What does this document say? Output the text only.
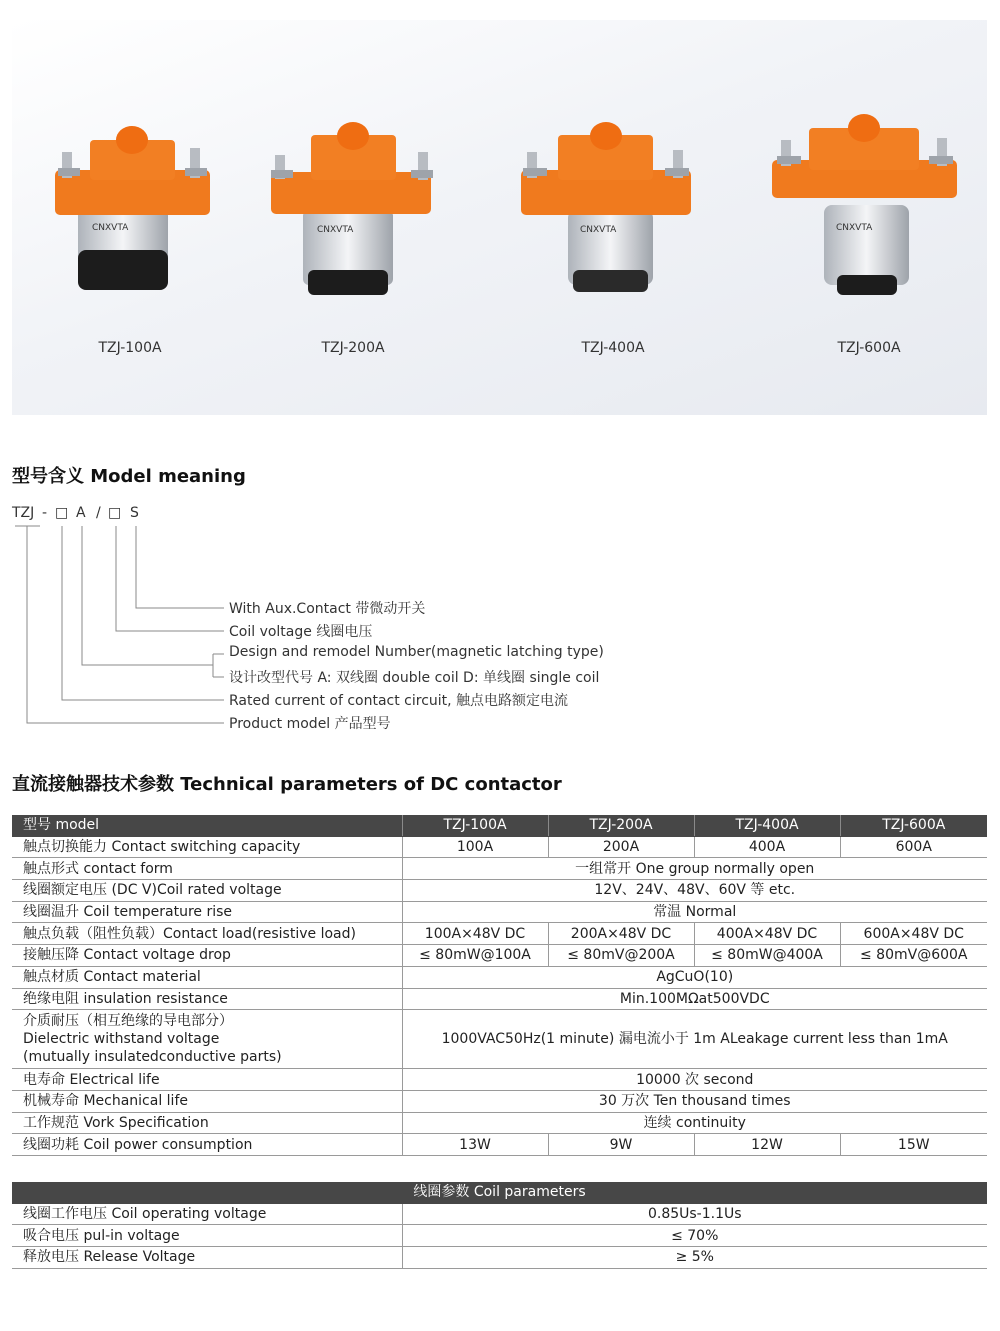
CNXVTA
TZJ-100A
CNXVTA
TZJ-200A
CNXVTA
TZJ-400A
CNXVTA
TZJ-600A
型号含义 Model meaning
TZJ - □ A / □ S
With Aux.Contact 带微动开关
Coil voltage 线圈电压
Design and remodel Number(magnetic latching type)
设计改型代号 A: 双线圈 double coil D: 单线圈 single coil
Rated current of contact circuit, 触点电路额定电流
Product model 产品型号
直流接触器技术参数 Technical parameters of DC contactor
型号 model	TZJ-100A	TZJ-200A	TZJ-400A	TZJ-600A
触点切换能力 Contact switching capacity	100A	200A	400A	600A
触点形式 contact form	一组常开 One group normally open			
线圈额定电压 (DC V)Coil rated voltage	12V、24V、48V、60V 等 etc.			
线圈温升 Coil temperature rise	常温 Normal			
触点负载（阻性负载）Contact load(resistive load)	100A×48V DC	200A×48V DC	400A×48V DC	600A×48V DC
接触压降 Contact voltage drop	≤ 80mW@100A	≤ 80mV@200A	≤ 80mW@400A	≤ 80mV@600A
触点材质 Contact material	AgCuO(10)			
绝缘电阻 insulation resistance	Min.100MΩat500VDC			

介质耐压（相互绝缘的导电部分）
Dielectric withstand voltage
(mutually insulatedconductive parts)	1000VAC50Hz(1 minute) 漏电流小于 1m ALeakage current less than 1mA			
电寿命 Electrical life	10000 次 second			
机械寿命 Mechanical life	30 万次 Ten thousand times			
工作规范 Vork Specification	连续 continuity			
线圈功耗 Coil power consumption	13W	9W	12W	15W
线圈参数 Coil parameters	
线圈工作电压 Coil operating voltage	0.85Us-1.1Us
吸合电压 pul-in voltage	≤ 70%
释放电压 Release Voltage	≥ 5%
